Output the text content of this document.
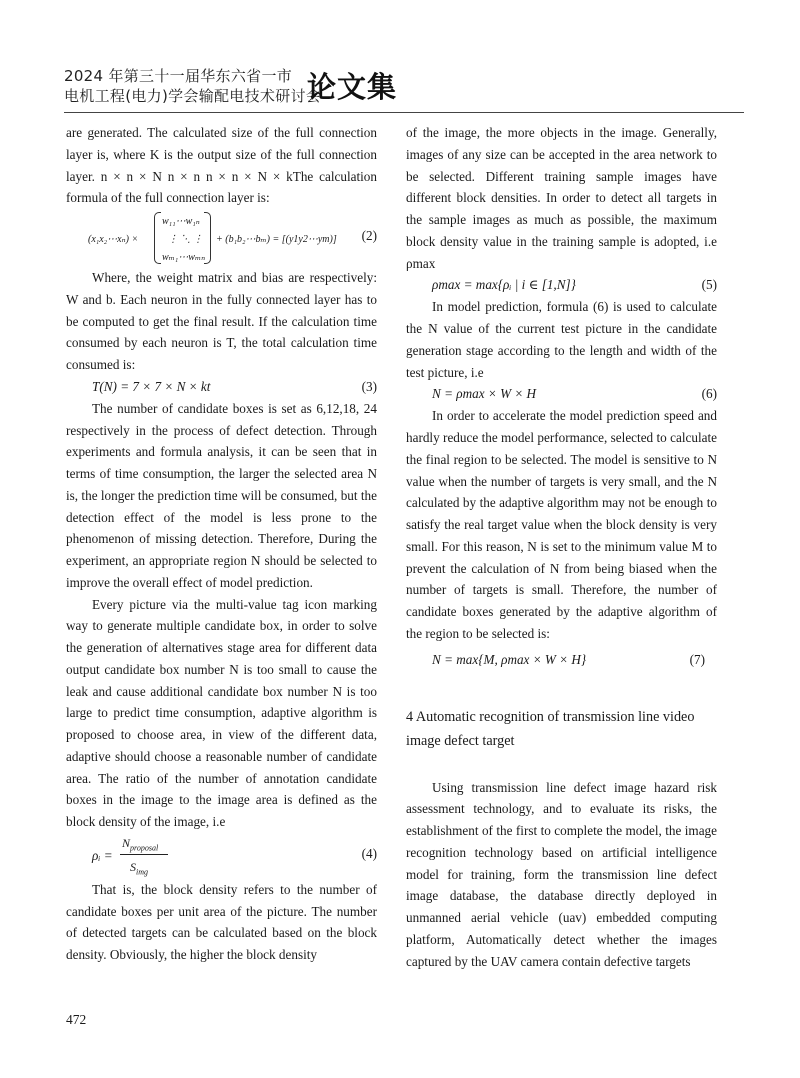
2024 年第三十一届华东六省一市
电机工程(电力)学会输配电技术研讨会
论文集

are generated. The calculated size of the full connection layer is, where K is the output size of the full connection layer. n × n × N n × n n × n × N × kThe calculation formula of the full connection layer is:

(x₁x₂⋯xₙ) ×
w₁₁⋯w₁ₙ
⋮ ⋱ ⋮
wₘ₁⋯wₘₙ
+ (b₁b₂⋯bₘ) = [(y1y2⋯ym)] (2)

Where, the weight matrix and bias are respectively: W and b. Each neuron in the fully connected layer has to be computed to get the final result. If the calculation time consumed by each neuron is T, the total calculation time consumed is:

T(N) = 7 × 7 × N × kt	(3)

The number of candidate boxes is set as 6,12,18, 24 respectively in the process of defect detection. Through experiments and formula analysis, it can be seen that in terms of time consumption, the larger the selected area N is, the longer the prediction time will be consumed, but the detection effect of the model is less prone to the phenomenon of missing detection. Therefore, During the experiment, an appropriate region N should be selected to improve the overall effect of model prediction.

Every picture via the multi-value tag icon marking way to generate multiple candidate box, in order to solve the generation of alternatives stage area for different data output candidate box number N is too small to cause the leak and cause additional candidate box number N is too large to predict time consumption, adaptive algorithm is proposed to choose area, in view of the different data, adaptive should choose a reasonable number of candidate area. The ratio of the number of annotation candidate boxes in the image to the image area is defined as the block density of the image, i.e

ρᵢ =
$N_{proposal}$
$S_{img}$
(4)

That is, the block density refers to the number of candidate boxes per unit area of the picture. The number of detected targets can be calculated based on the block density. Obviously, the higher the block density

of the image, the more objects in the image. Generally, images of any size can be accepted in the area network to be selected. Different training sample images have different block densities. In order to detect all targets in the sample images as much as possible, the maximum block density value in the training sample is adopted, i.e ρmax

ρmax = max{ρᵢ | i ∈ [1,N]}	(5)

In model prediction, formula (6) is used to calculate the N value of the current test picture in the candidate generation stage according to the length and width of the test picture, i.e

N = ρmax × W × H	(6)

In order to accelerate the model prediction speed and hardly reduce the model performance, selected to calculate the final region to be selected. The model is sensitive to N value when the number of targets is very small, and the N calculated by the adaptive algorithm may not be enough to satisfy the real target value when the block density is very small. For this reason, N is set to the minimum value M to prevent the calculation of N from being biased when the number of targets is small. Therefore, the number of candidate boxes generated by the adaptive algorithm of the region to be selected is:

N = max{M, ρmax × W × H}	(7)

4 Automatic recognition of transmission line video image defect target

Using transmission line defect image hazard risk assessment technology, and to evaluate its risks, the establishment of the first to complete the model, the image recognition technology based on artificial intelligence model for training, form the transmission line defect image database, the database directly deployed in unmanned aerial vehicle (uav) embedded computing platform, Automatically detect whether the images captured by the UAV camera contain defective targets

472
